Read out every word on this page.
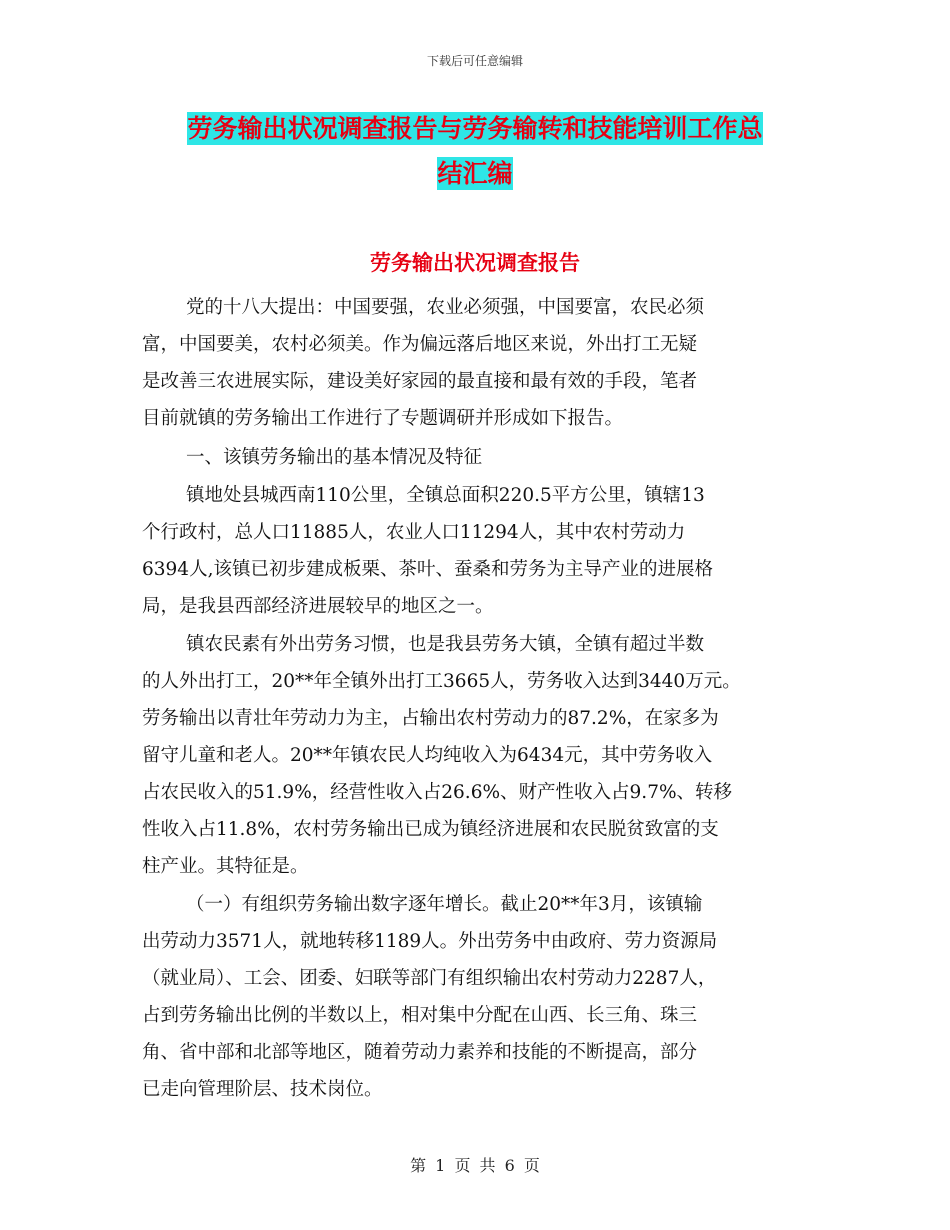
下载后可任意编辑
劳务输出状况调查报告与劳务输转和技能培训工作总
结汇编
劳务输出状况调查报告
党的十八大提出：中国要强，农业必须强，中国要富，农民必须
富，中国要美，农村必须美。作为偏远落后地区来说，外出打工无疑
是改善三农进展实际，建设美好家园的最直接和最有效的手段，笔者
目前就镇的劳务输出工作进行了专题调研并形成如下报告。
一、该镇劳务输出的基本情况及特征
镇地处县城西南110公里，全镇总面积220.5平方公里，镇辖13
个行政村，总人口11885人，农业人口11294人，其中农村劳动力
6394人,该镇已初步建成板栗、茶叶、蚕桑和劳务为主导产业的进展格
局，是我县西部经济进展较早的地区之一。
镇农民素有外出劳务习惯，也是我县劳务大镇，全镇有超过半数
的人外出打工，20**年全镇外出打工3665人，劳务收入达到3440万元。
劳务输出以青壮年劳动力为主，占输出农村劳动力的87.2%，在家多为
留守儿童和老人。20**年镇农民人均纯收入为6434元，其中劳务收入
占农民收入的51.9%，经营性收入占26.6%、财产性收入占9.7%、转移
性收入占11.8%，农村劳务输出已成为镇经济进展和农民脱贫致富的支
柱产业。其特征是。
（一）有组织劳务输出数字逐年增长。截止20**年3月，该镇输
出劳动力3571人，就地转移1189人。外出劳务中由政府、劳力资源局
（就业局）、工会、团委、妇联等部门有组织输出农村劳动力2287人，
占到劳务输出比例的半数以上，相对集中分配在山西、长三角、珠三
角、省中部和北部等地区，随着劳动力素养和技能的不断提高，部分
已走向管理阶层、技术岗位。
第 1 页 共 6 页
